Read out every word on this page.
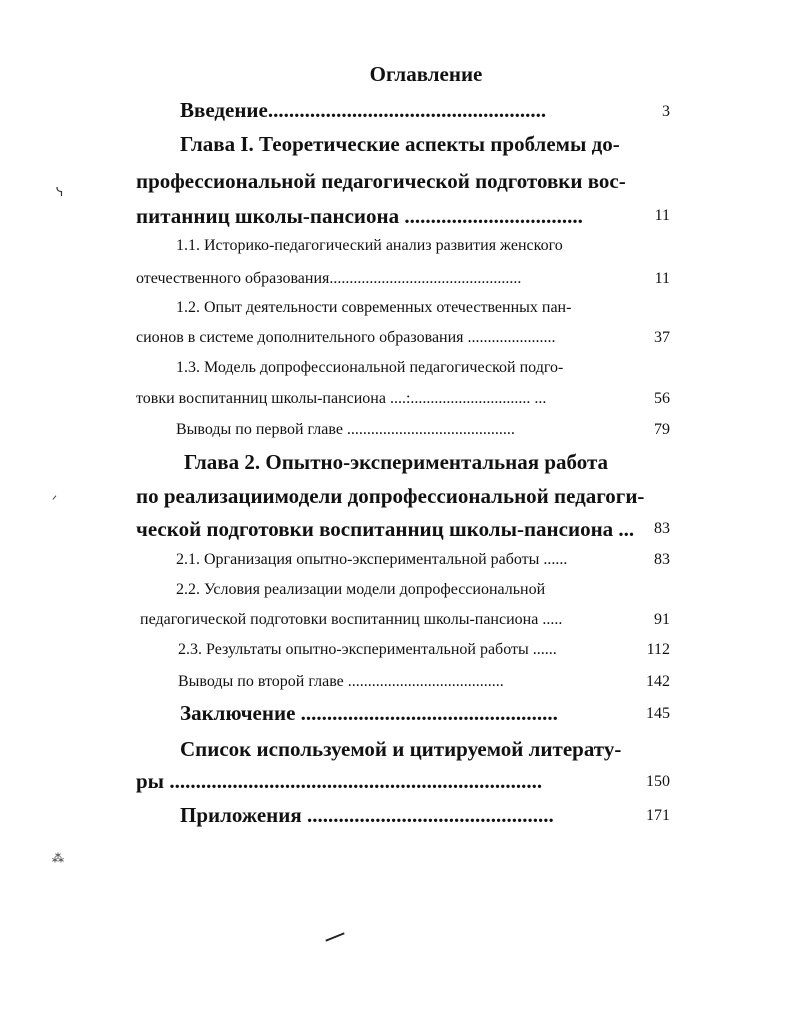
Оглавление
Введение.....................................................	3
Глава I. Теоретические аспекты проблемы до-
профессиональной педагогической подготовки вос-
питанниц школы-пансиона ..................................	11
1.1. Историко-педагогический анализ развития женского
отечественного образования................................................	11
1.2. Опыт деятельности современных отечественных пан-
сионов в системе дополнительного образования ......................	37
1.3. Модель допрофессиональной педагогической подго-
товки воспитанниц школы-пансиона ....:.............................. ...	56
Выводы по первой главе ..........................................	79
Глава 2. Опытно-экспериментальная работа
по реализациимодели допрофессиональной педагоги-
ческой подготовки воспитанниц школы-пансиона ...	83
2.1. Организация опытно-экспериментальной работы ......	83
2.2. Условия реализации модели допрофессиональной
педагогической подготовки воспитанниц школы-пансиона .....	91
2.3. Результаты опытно-экспериментальной работы ......	112
Выводы по второй главе .......................................	142
Заключение .................................................	145
Список используемой и цитируемой литерату-
ры .......................................................................	150
Приложения ...............................................	171
ᓭ
ᐟ
⁂
